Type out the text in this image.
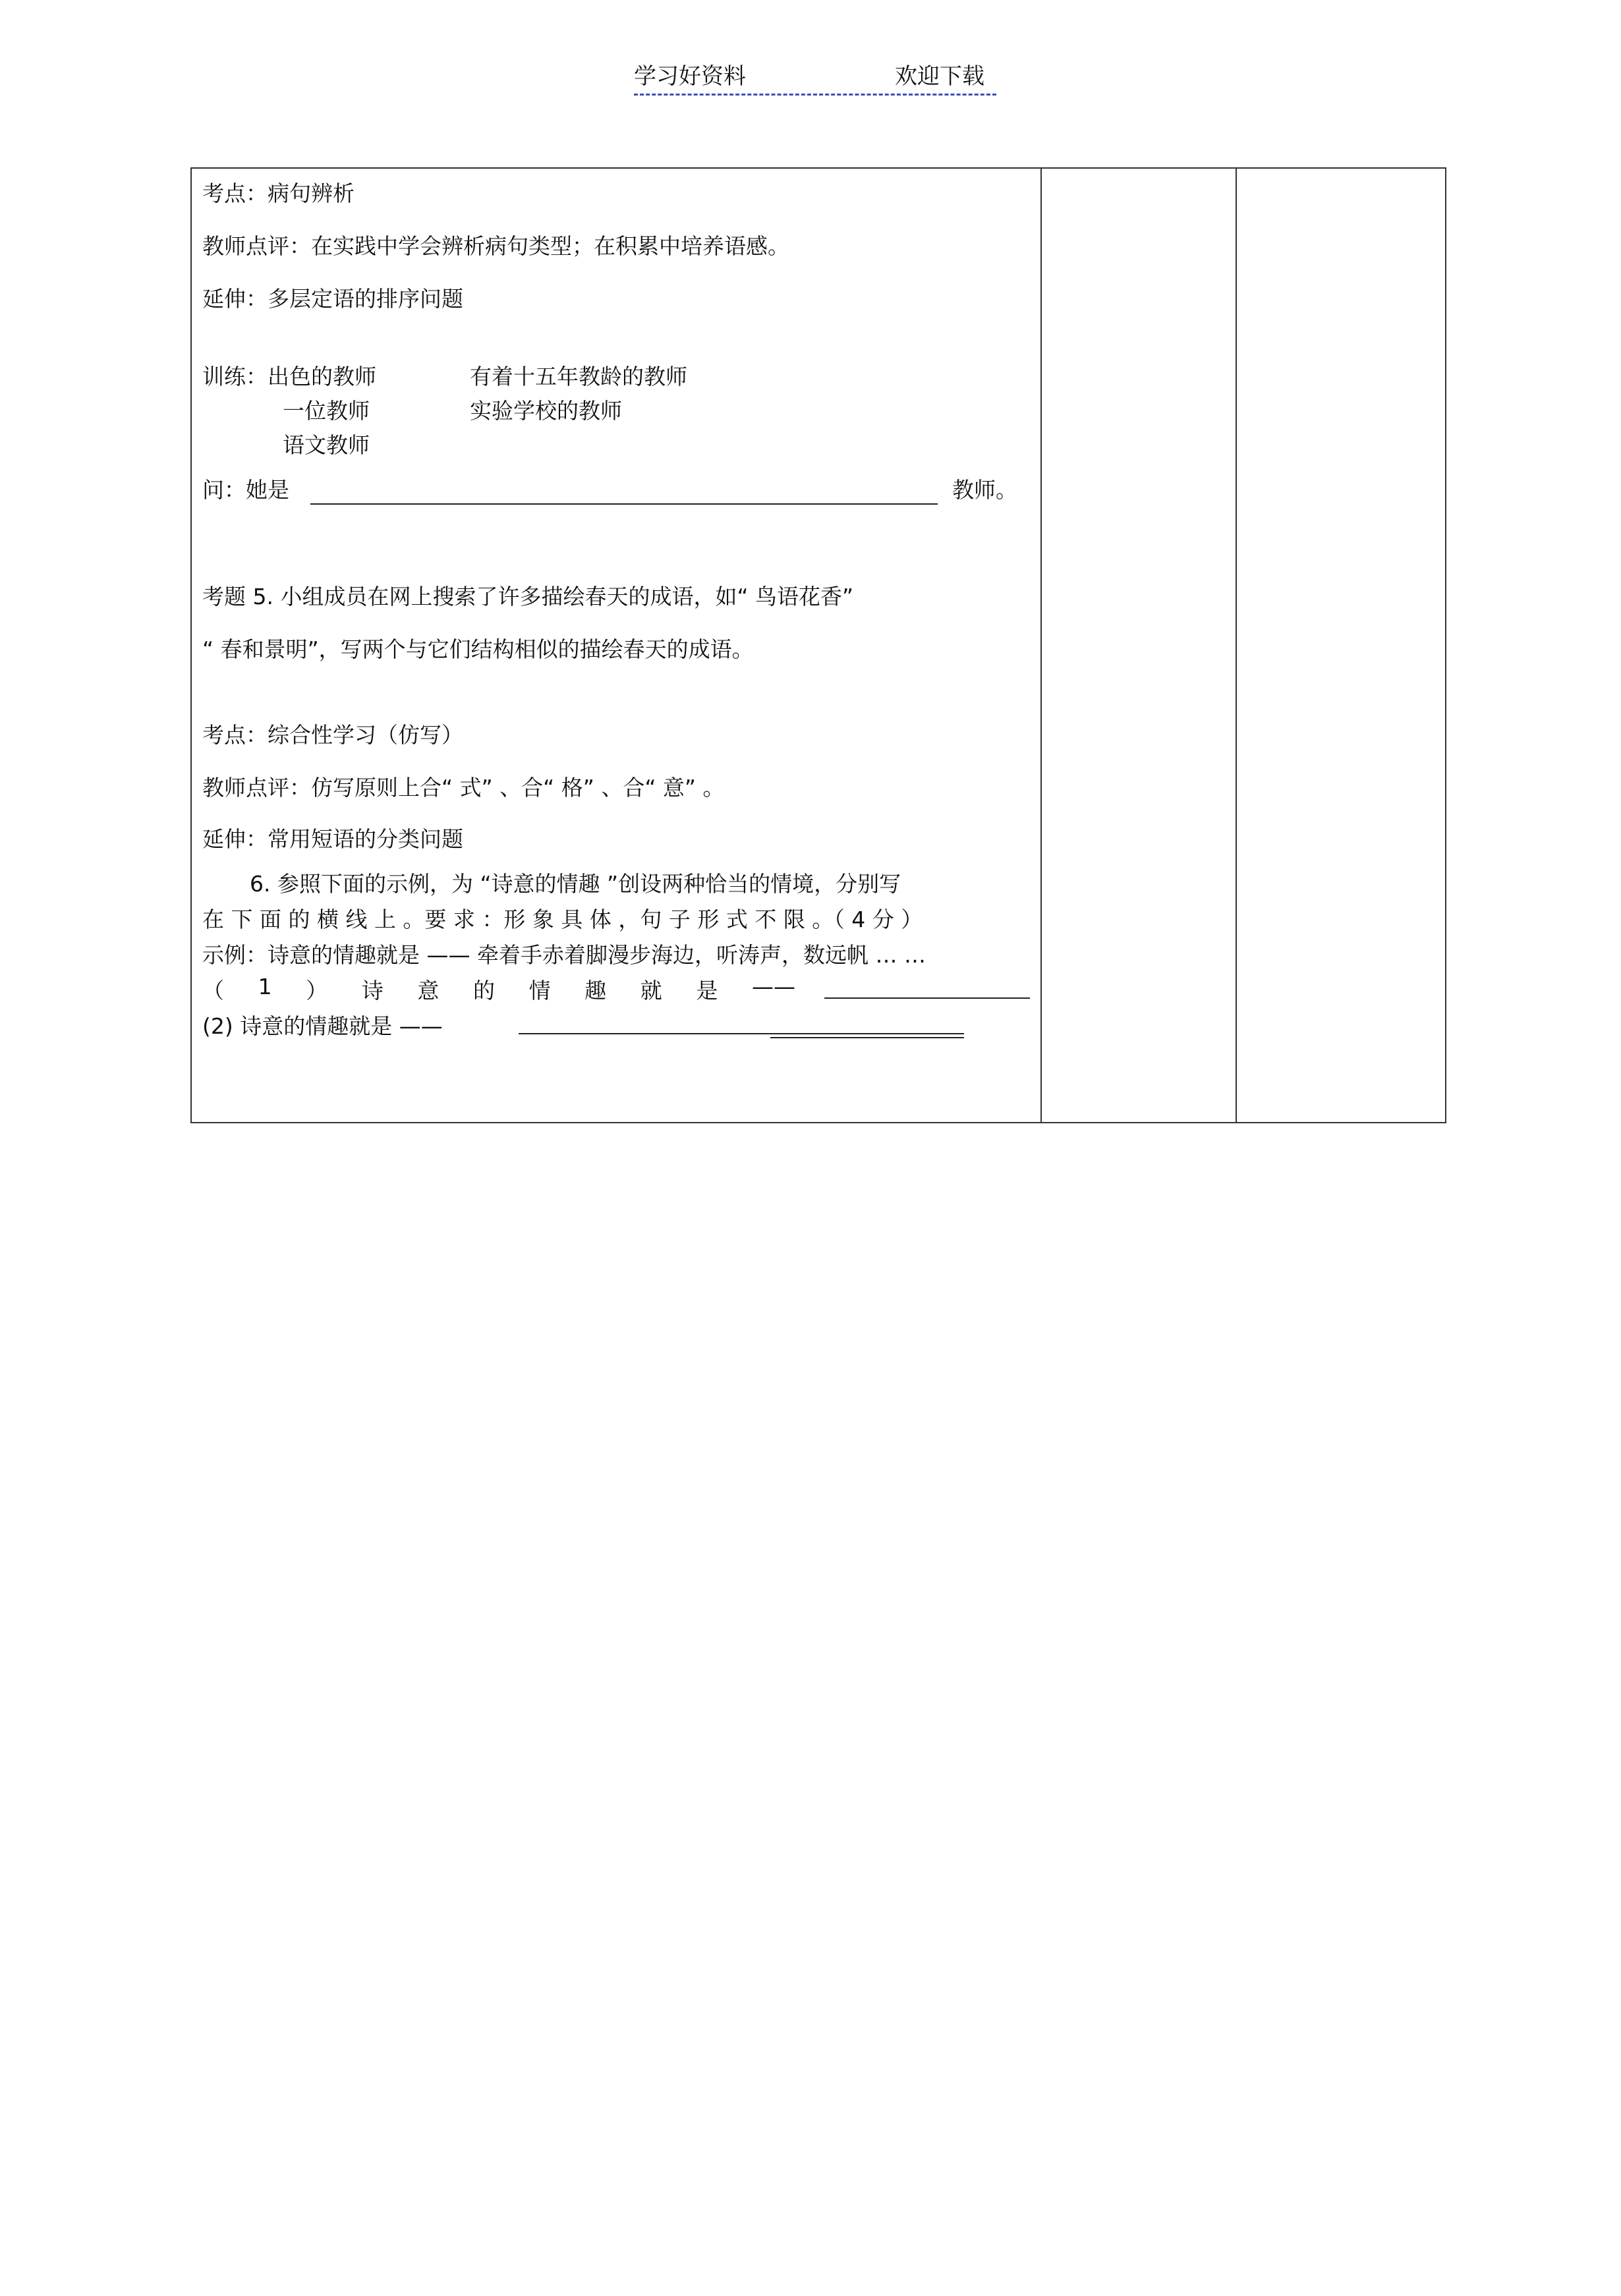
学习好资料	欢迎下载
考点：病句辨析
教师点评：在实践中学会辨析病句类型；在积累中培养语感。
延伸：多层定语的排序问题
训练：出色的教师	有着十五年教龄的教师
一位教师	实验学校的教师
语文教师
问：她是	教师。
考题 5. 小组成员在网上搜索了许多描绘春天的成语，如“ 鸟语花香”
“ 春和景明”，写两个与它们结构相似的描绘春天的成语。
考点：综合性学习（仿写）
教师点评：仿写原则上合“ 式” 、合“ 格” 、合“ 意” 。
延伸：常用短语的分类问题
6. 参照下面的示例，为 “诗意的情趣 ”创设两种恰当的情境，分别写
在 下 面 的 横 线 上 。要 求 ：形 象 具 体 ，句 子 形 式 不 限 。（ 4 分 ）
示例：诗意的情趣就是 —— 牵着手赤着脚漫步海边，听涛声，数远帆 … …
（ 1 ） 诗 意 的 情 趣 就 是 ——
(2) 诗意的情趣就是 ——
